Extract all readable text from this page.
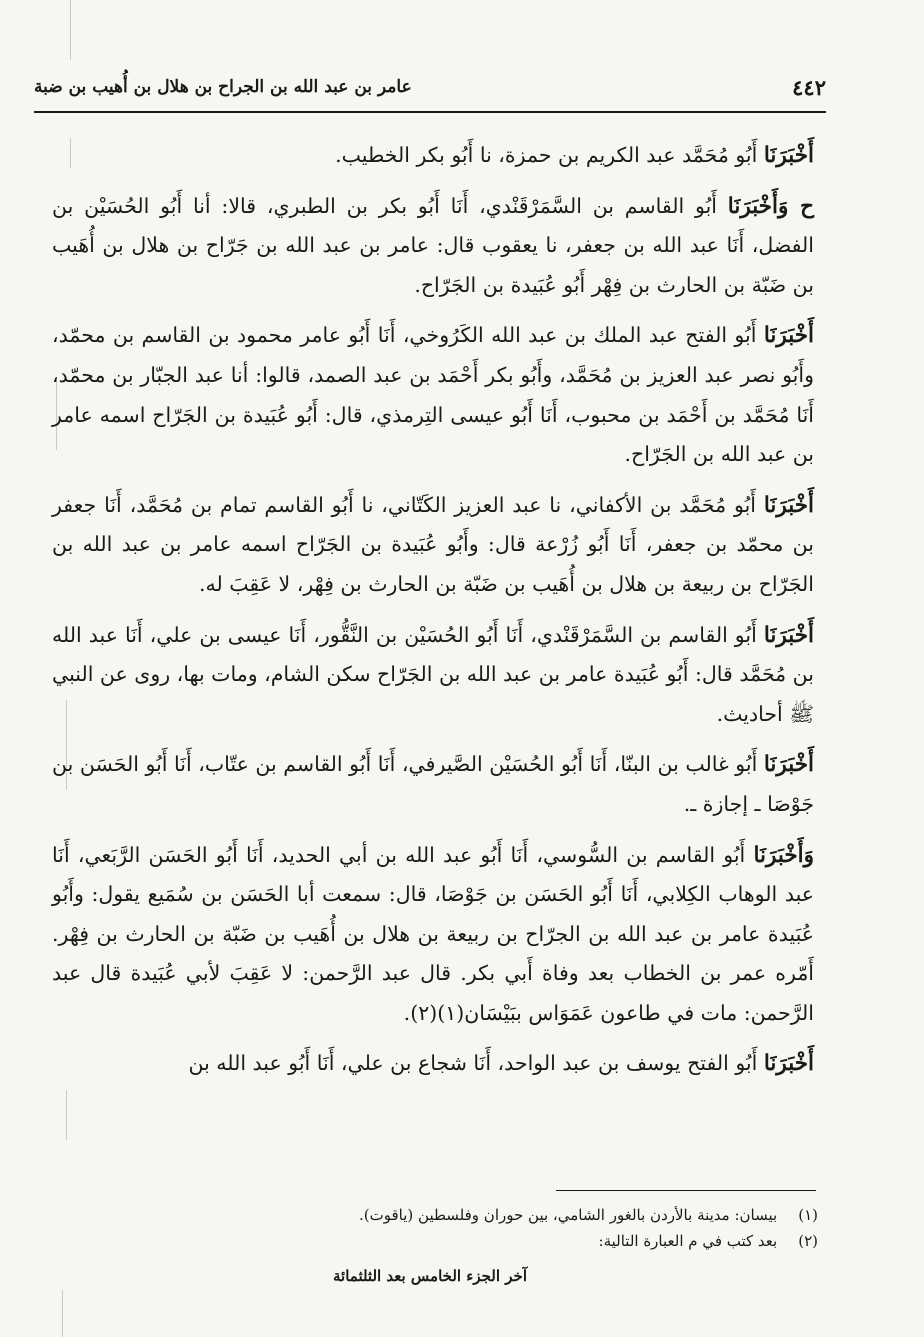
٤٤٢
عامر بن عبد الله بن الجراح بن هلال بن أُهيب بن ضبة

أَخْبَرَنَا أَبُو مُحَمَّد عبد الكريم بن حمزة، نا أَبُو بكر الخطيب.

ح وَأَخْبَرَنَا أَبُو القاسم بن السَّمَرْقَنْدي، أَنَا أَبُو بكر بن الطبري، قالا: أنا أَبُو الحُسَيْن بن الفضل، أَنَا عبد الله بن جعفر، نا يعقوب قال: عامر بن عبد الله بن جَرّاح بن هلال بن أُهَيب بن ضَبّة بن الحارث بن فِهْر أَبُو عُبَيدة بن الجَرّاح.

أَخْبَرَنَا أَبُو الفتح عبد الملك بن عبد الله الكَرُوخي، أَنَا أَبُو عامر محمود بن القاسم بن محمّد، وأَبُو نصر عبد العزيز بن مُحَمَّد، وأَبُو بكر أَحْمَد بن عبد الصمد، قالوا: أنا عبد الجبّار بن محمّد، أَنَا مُحَمَّد بن أَحْمَد بن محبوب، أَنَا أَبُو عيسى التِرمذي، قال: أَبُو عُبَيدة بن الجَرّاح اسمه عامر بن عبد الله بن الجَرّاح.

أَخْبَرَنَا أَبُو مُحَمَّد بن الأكفاني، نا عبد العزيز الكَتّاني، نا أَبُو القاسم تمام بن مُحَمَّد، أَنَا جعفر بن محمّد بن جعفر، أَنَا أَبُو زُرْعة قال: وأَبُو عُبَيدة بن الجَرّاح اسمه عامر بن عبد الله بن الجَرّاح بن ربيعة بن هلال بن أُهَيب بن ضَبّة بن الحارث بن فِهْر، لا عَقِبَ له.

أَخْبَرَنَا أَبُو القاسم بن السَّمَرْقَنْدي، أَنَا أَبُو الحُسَيْن بن النَّقُّور، أَنَا عيسى بن علي، أَنَا عبد الله بن مُحَمَّد قال: أَبُو عُبَيدة عامر بن عبد الله بن الجَرّاح سكن الشام، ومات بها، روى عن النبي ﷺ أحاديث.

أَخْبَرَنَا أَبُو غالب بن البنّا، أَنَا أَبُو الحُسَيْن الصَّيرفي، أَنَا أَبُو القاسم بن عتّاب، أَنَا أَبُو الحَسَن بن جَوْصَا ـ إجازة ـ.

وَأَخْبَرَنَا أَبُو القاسم بن السُّوسي، أَنَا أَبُو عبد الله بن أبي الحديد، أَنَا أَبُو الحَسَن الرَّبَعي، أَنَا عبد الوهاب الكِلابي، أَنَا أَبُو الحَسَن بن جَوْصَا، قال: سمعت أبا الحَسَن بن سُمَيع يقول: وأَبُو عُبَيدة عامر بن عبد الله بن الجرّاح بن ربيعة بن هلال بن أُهَيب بن ضَبّة بن الحارث بن فِهْر. أَمّره عمر بن الخطاب بعد وفاة أَبي بكر. قال عبد الرَّحمن: لا عَقِبَ لأبي عُبَيدة قال عبد الرَّحمن: مات في طاعون عَمَوَاس ببَيْسَان(١)(٢).

أَخْبَرَنَا أَبُو الفتح يوسف بن عبد الواحد، أَنَا شجاع بن علي، أَنَا أَبُو عبد الله بن

(١) بيسان: مدينة بالأردن بالغور الشامي، بين حوران وفلسطين (ياقوت).
(٢) بعد كتب في م العبارة التالية:
آخر الجزء الخامس بعد الثلثمائة
